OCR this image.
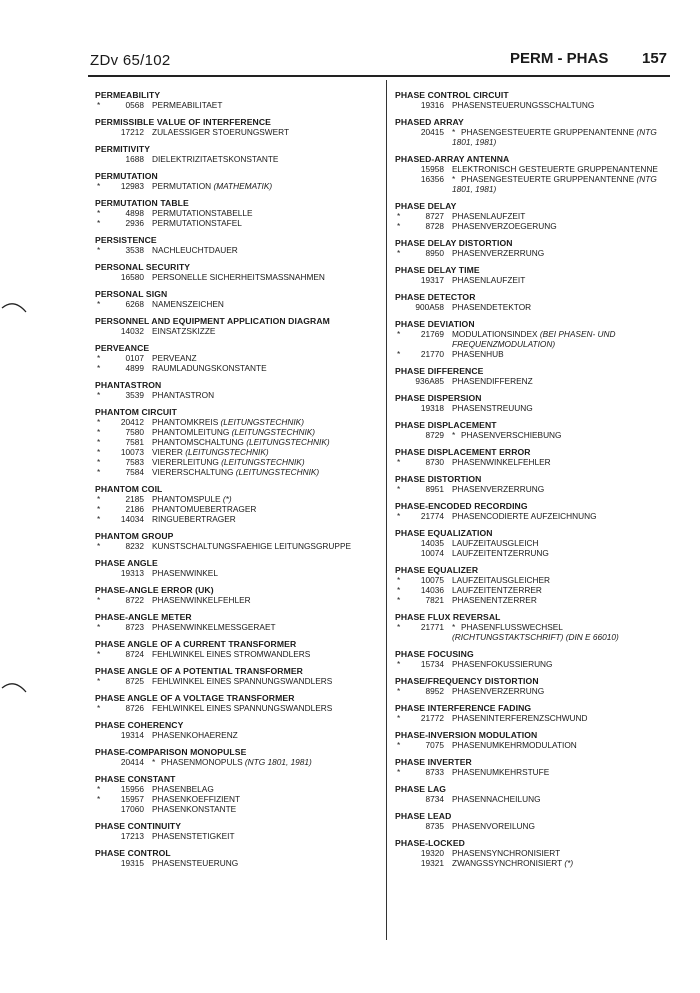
ZDv 65/102	PERM - PHAS 157
PERMEABILITY
*	0568 PERMEABILITAET
PERMISSIBLE VALUE OF INTERFERENCE
17212 ZULAESSIGER STOERUNGSWERT
PERMITIVITY
1688 DIELEKTRIZITAETSKONSTANTE
PERMUTATION
*	12983 PERMUTATION (MATHEMATIK)
PERMUTATION TABLE
*	4898 PERMUTATIONSTABELLE
*	2936 PERMUTATIONSTAFEL
PERSISTENCE
*	3538 NACHLEUCHTDAUER
PERSONAL SECURITY
16580 PERSONELLE SICHERHEITSMASSNAHMEN
PERSONAL SIGN
*	6268 NAMENSZEICHEN
PERSONNEL AND EQUIPMENT APPLICATION DIAGRAM
14032 EINSATZSKIZZE
PERVEANCE
*	0107 PERVEANZ
*	4899 RAUMLADUNGSKONSTANTE
PHANTASTRON
*	3539 PHANTASTRON
PHANTOM CIRCUIT
*	20412 PHANTOMKREIS (LEITUNGSTECHNIK)
*	7580 PHANTOMLEITUNG (LEITUNGSTECHNIK)
*	7581 PHANTOMSCHALTUNG (LEITUNGSTECHNIK)
*	10073 VIERER (LEITUNGSTECHNIK)
*	7583 VIERERLEITUNG (LEITUNGSTECHNIK)
*	7584 VIERERSCHALTUNG (LEITUNGSTECHNIK)
PHANTOM COIL
*	2185 PHANTOMSPULE (*)
*	2186 PHANTOMUEBERTRAGER
*	14034 RINGUEBERTRAGER
PHANTOM GROUP
*	8232 KUNSTSCHALTUNGSFAEHIGE LEITUNGSGRUPPE
PHASE ANGLE
19313 PHASENWINKEL
PHASE-ANGLE ERROR (UK)
*	8722 PHASENWINKELFEHLER
PHASE-ANGLE METER
*	8723 PHASENWINKELMESSGERAET
PHASE ANGLE OF A CURRENT TRANSFORMER
*	8724 FEHLWINKEL EINES STROMWANDLERS
PHASE ANGLE OF A POTENTIAL TRANSFORMER
*	8725 FEHLWINKEL EINES SPANNUNGSWANDLERS
PHASE ANGLE OF A VOLTAGE TRANSFORMER
*	8726 FEHLWINKEL EINES SPANNUNGSWANDLERS
PHASE COHERENCY
19314 PHASENKOHAERENZ
PHASE-COMPARISON MONOPULSE
20414 * PHASENMONOPULS (NTG 1801, 1981)
PHASE CONSTANT
*	15956 PHASENBELAG
*	15957 PHASENKOEFFIZIENT
17060 PHASENKONSTANTE
PHASE CONTINUITY
17213 PHASENSTETIGKEIT
PHASE CONTROL
19315 PHASENSTEUERUNG
PHASE CONTROL CIRCUIT
19316 PHASENSTEUERUNGSSCHALTUNG
PHASED ARRAY
20415 * PHASENGESTEUERTE GRUPPENANTENNE (NTG 1801, 1981)
PHASED-ARRAY ANTENNA
15958 ELEKTRONISCH GESTEUERTE GRUPPENANTENNE
16356 * PHASENGESTEUERTE GRUPPENANTENNE (NTG 1801, 1981)
PHASE DELAY
*	8727 PHASENLAUFZEIT
*	8728 PHASENVERZOEGERUNG
PHASE DELAY DISTORTION
*	8950 PHASENVERZERRUNG
PHASE DELAY TIME
19317 PHASENLAUFZEIT
PHASE DETECTOR
900A58 PHASENDETEKTOR
PHASE DEVIATION
*	21769 MODULATIONSINDEX (BEI PHASEN- UND FREQUENZMODULATION)
*	21770 PHASENHUB
PHASE DIFFERENCE
936A85 PHASENDIFFERENZ
PHASE DISPERSION
19318 PHASENSTREUUNG
PHASE DISPLACEMENT
8729 * PHASENVERSCHIEBUNG
PHASE DISPLACEMENT ERROR
*	8730 PHASENWINKELFEHLER
PHASE DISTORTION
*	8951 PHASENVERZERRUNG
PHASE-ENCODED RECORDING
*	21774 PHASENCODIERTE AUFZEICHNUNG
PHASE EQUALIZATION
14035 LAUFZEITAUSGLEICH
10074 LAUFZEITENTZERRUNG
PHASE EQUALIZER
*	10075 LAUFZEITAUSGLEICHER
*	14036 LAUFZEITENTZERRER
*	7821 PHASENENTZERRER
PHASE FLUX REVERSAL
*	21771 * PHASENFLUSSWECHSEL (RICHTUNGSTAKTSCHRIFT) (DIN E 66010)
PHASE FOCUSING
*	15734 PHASENFOKUSSIERUNG
PHASE/FREQUENCY DISTORTION
*	8952 PHASENVERZERRUNG
PHASE INTERFERENCE FADING
*	21772 PHASENINTERFERENZSCHWUND
PHASE-INVERSION MODULATION
*	7075 PHASENUMKEHRMODULATION
PHASE INVERTER
*	8733 PHASENUMKEHRSTUFE
PHASE LAG
8734 PHASENNACHEILUNG
PHASE LEAD
8735 PHASENVOREILUNG
PHASE-LOCKED
19320 PHASENSYNCHRONISIERT
19321 ZWANGSSYNCHRONISIERT (*)
